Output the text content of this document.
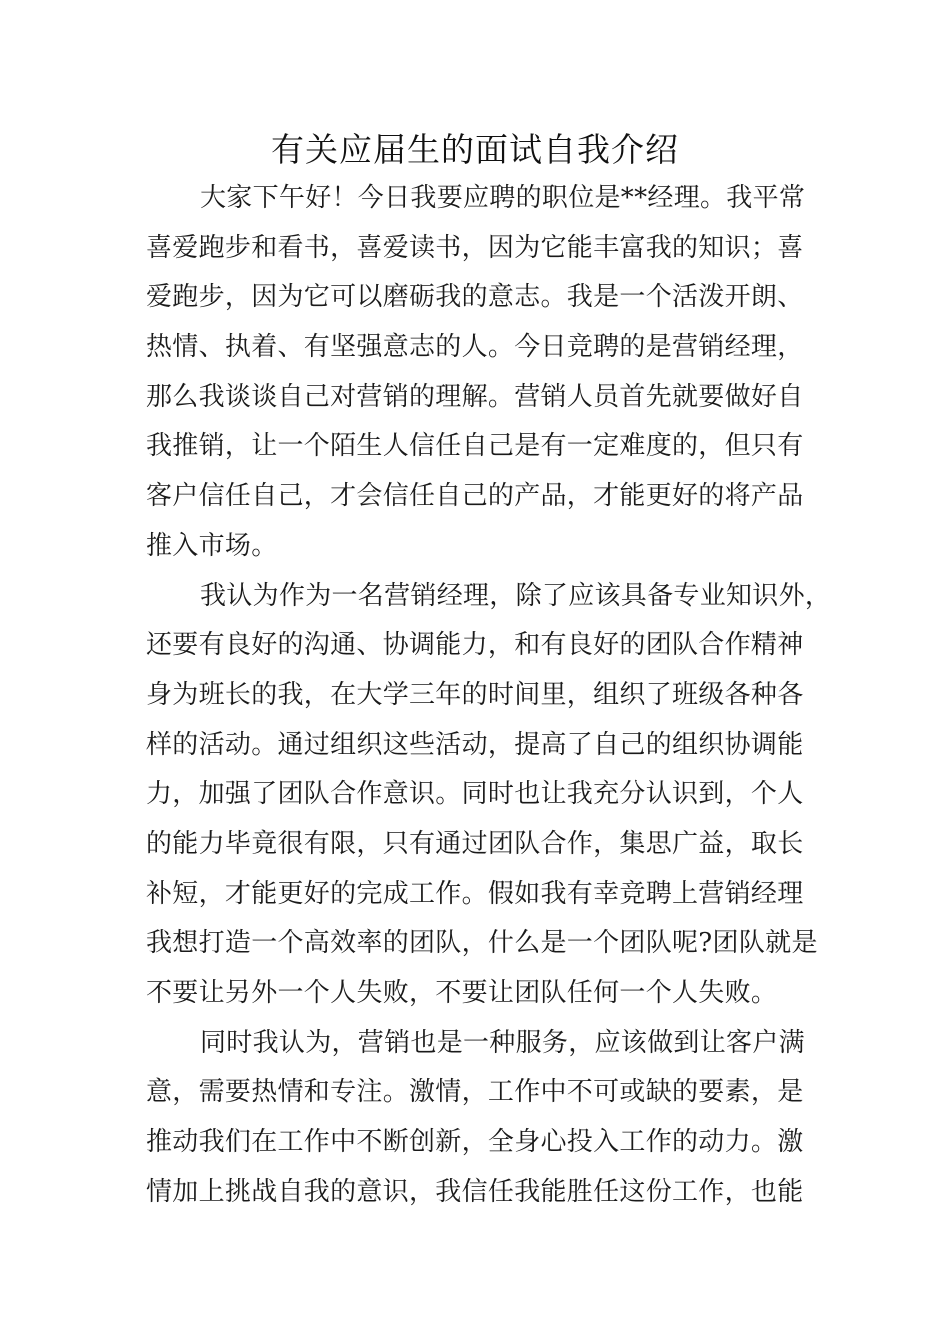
有关应届生的面试自我介绍
大家下午好！今日我要应聘的职位是**经理。我平常
喜爱跑步和看书，喜爱读书，因为它能丰富我的知识；喜
爱跑步，因为它可以磨砺我的意志。我是一个活泼开朗、
热情、执着、有坚强意志的人。今日竞聘的是营销经理，
那么我谈谈自己对营销的理解。营销人员首先就要做好自
我推销，让一个陌生人信任自己是有一定难度的，但只有
客户信任自己，才会信任自己的产品，才能更好的将产品
推入市场。
我认为作为一名营销经理，除了应该具备专业知识外，
还要有良好的沟通、协调能力，和有良好的团队合作精神
身为班长的我，在大学三年的时间里，组织了班级各种各
样的活动。通过组织这些活动，提高了自己的组织协调能
力，加强了团队合作意识。同时也让我充分认识到，个人
的能力毕竟很有限，只有通过团队合作，集思广益，取长
补短，才能更好的完成工作。假如我有幸竞聘上营销经理
我想打造一个高效率的团队，什么是一个团队呢?团队就是
不要让另外一个人失败，不要让团队任何一个人失败。
同时我认为，营销也是一种服务，应该做到让客户满
意，需要热情和专注。激情，工作中不可或缺的要素，是
推动我们在工作中不断创新，全身心投入工作的动力。激
情加上挑战自我的意识，我信任我能胜任这份工作，也能
